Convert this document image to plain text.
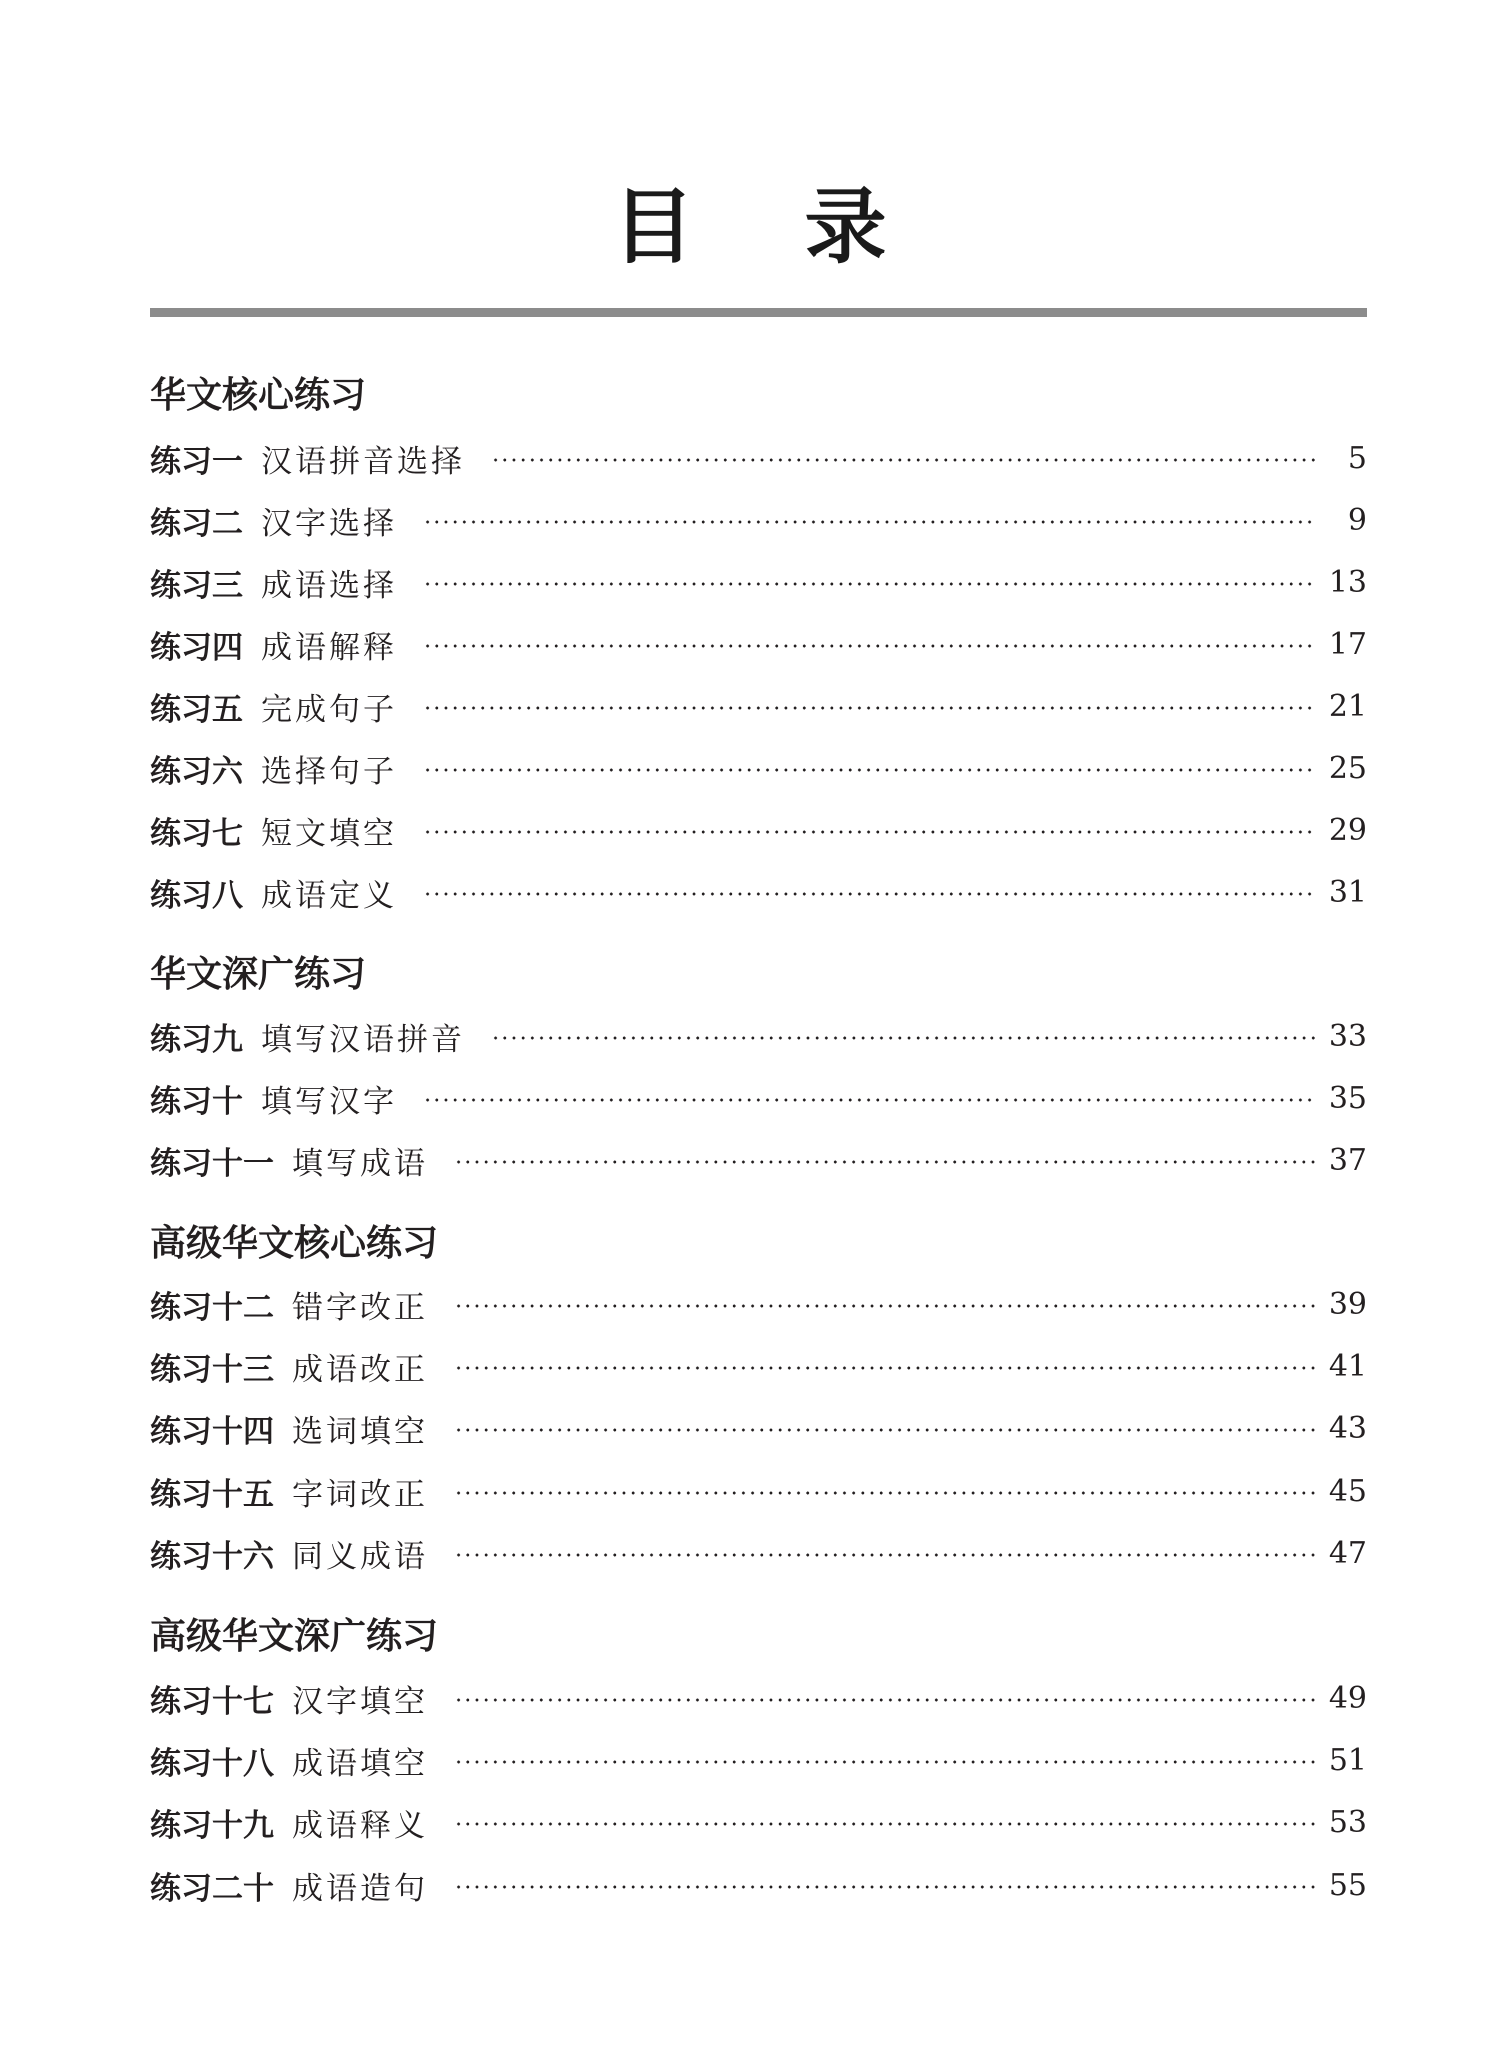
目 录
华文核心练习
练习一 汉语拼音选择	5
练习二 汉字选择	9
练习三 成语选择	13
练习四 成语解释	17
练习五 完成句子	21
练习六 选择句子	25
练习七 短文填空	29
练习八 成语定义	31
华文深广练习
练习九 填写汉语拼音	33
练习十 填写汉字	35
练习十一 填写成语	37
高级华文核心练习
练习十二 错字改正	39
练习十三 成语改正	41
练习十四 选词填空	43
练习十五 字词改正	45
练习十六 同义成语	47
高级华文深广练习
练习十七 汉字填空	49
练习十八 成语填空	51
练习十九 成语释义	53
练习二十 成语造句	55
